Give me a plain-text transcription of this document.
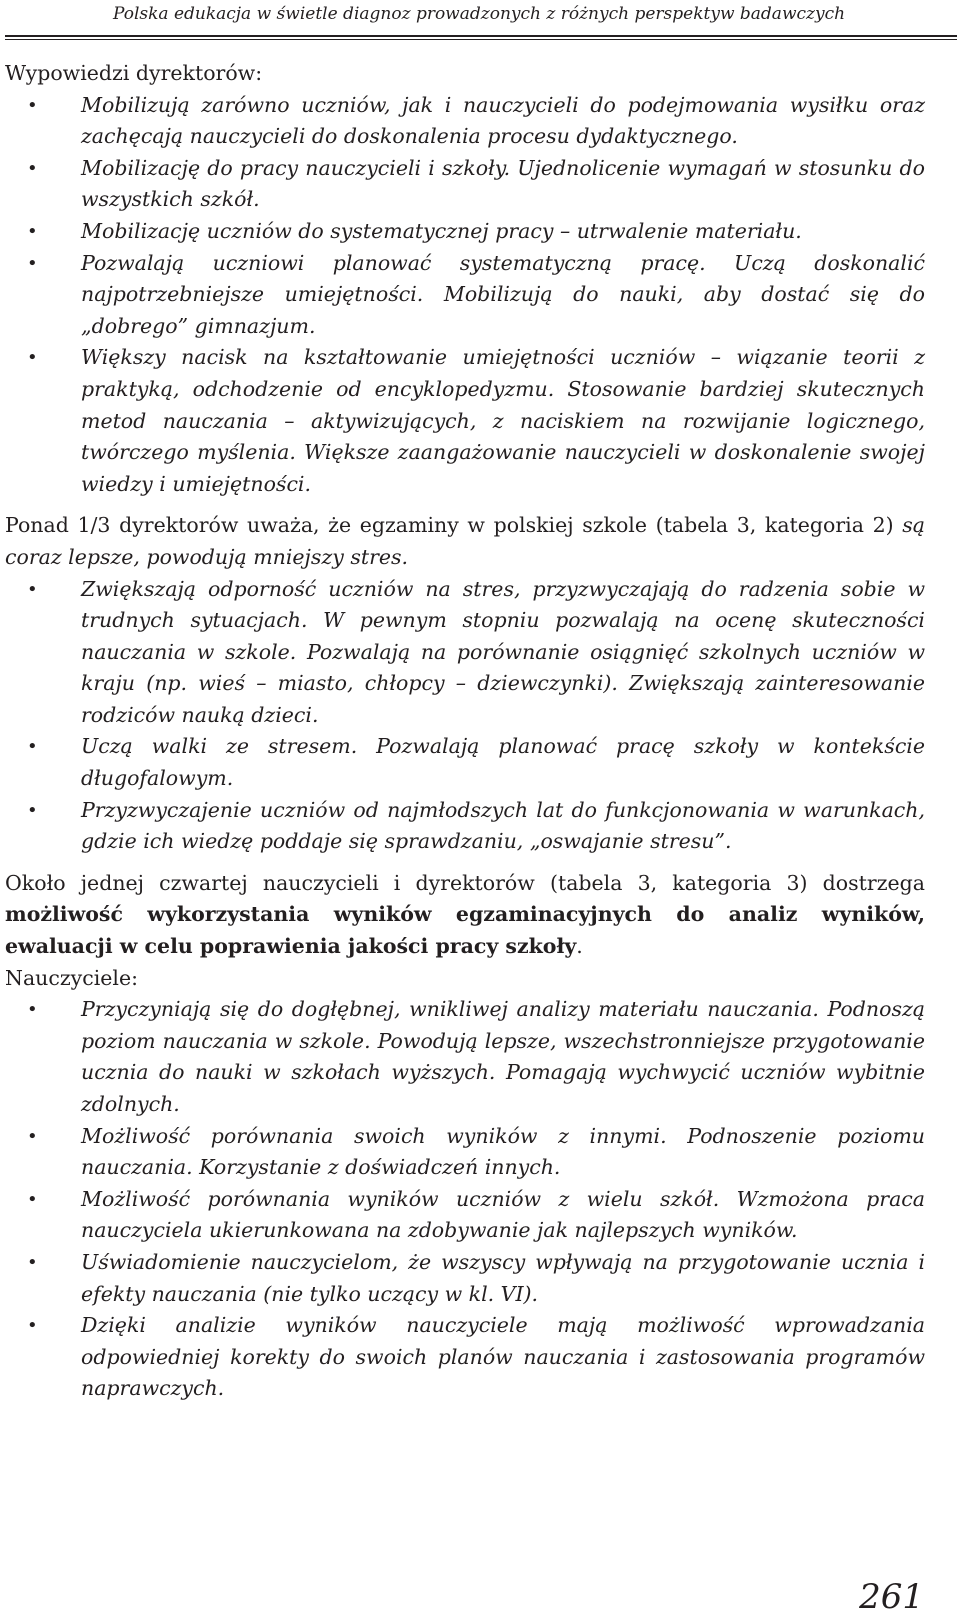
Polska edukacja w świetle diagnoz prowadzonych z różnych perspektyw badawczych

Wypowiedzi dyrektorów:

• Mobilizują zarówno uczniów, jak i nauczycieli do podejmowania wysiłku oraz zachęcają nauczycieli do doskonalenia procesu dydaktycznego.
• Mobilizację do pracy nauczycieli i szkoły. Ujednolicenie wymagań w stosunku do wszystkich szkół.
• Mobilizację uczniów do systematycznej pracy – utrwalenie materiału.
• Pozwalają uczniowi planować systematyczną pracę. Uczą doskonalić najpotrzebniejsze umiejętności. Mobilizują do nauki, aby dostać się do „dobrego” gimnazjum.
• Większy nacisk na kształtowanie umiejętności uczniów – wiązanie teorii z praktyką, odchodzenie od encyklopedyzmu. Stosowanie bardziej skutecznych metod nauczania – aktywizujących, z naciskiem na rozwijanie logicznego, twórczego myślenia. Większe zaangażowanie nauczycieli w doskonalenie swojej wiedzy i umiejętności.

Ponad 1/3 dyrektorów uważa, że egzaminy w polskiej szkole (tabela 3, kategoria 2) są coraz lepsze, powodują mniejszy stres.

• Zwiększają odporność uczniów na stres, przyzwyczajają do radzenia sobie w trudnych sytuacjach. W pewnym stopniu pozwalają na ocenę skuteczności nauczania w szkole. Pozwalają na porównanie osiągnięć szkolnych uczniów w kraju (np. wieś – miasto, chłopcy – dziewczynki). Zwiększają zainteresowanie rodziców nauką dzieci.
• Uczą walki ze stresem. Pozwalają planować pracę szkoły w kontekście długofalowym.
• Przyzwyczajenie uczniów od najmłodszych lat do funkcjonowania w warunkach, gdzie ich wiedzę poddaje się sprawdzaniu, „oswajanie stresu”.

Około jednej czwartej nauczycieli i dyrektorów (tabela 3, kategoria 3) dostrzega możliwość wykorzystania wyników egzaminacyjnych do analiz wyników, ewaluacji w celu poprawienia jakości pracy szkoły.

Nauczyciele:

• Przyczyniają się do dogłębnej, wnikliwej analizy materiału nauczania. Podnoszą poziom nauczania w szkole. Powodują lepsze, wszechstronniejsze przygotowanie ucznia do nauki w szkołach wyższych. Pomagają wychwycić uczniów wybitnie zdolnych.
• Możliwość porównania swoich wyników z innymi. Podnoszenie poziomu nauczania. Korzystanie z doświadczeń innych.
• Możliwość porównania wyników uczniów z wielu szkół. Wzmożona praca nauczyciela ukierunkowana na zdobywanie jak najlepszych wyników.
• Uświadomienie nauczycielom, że wszyscy wpływają na przygotowanie ucznia i efekty nauczania (nie tylko uczący w kl. VI).
• Dzięki analizie wyników nauczyciele mają możliwość wprowadzania odpowiedniej korekty do swoich planów nauczania i zastosowania programów naprawczych.
261
